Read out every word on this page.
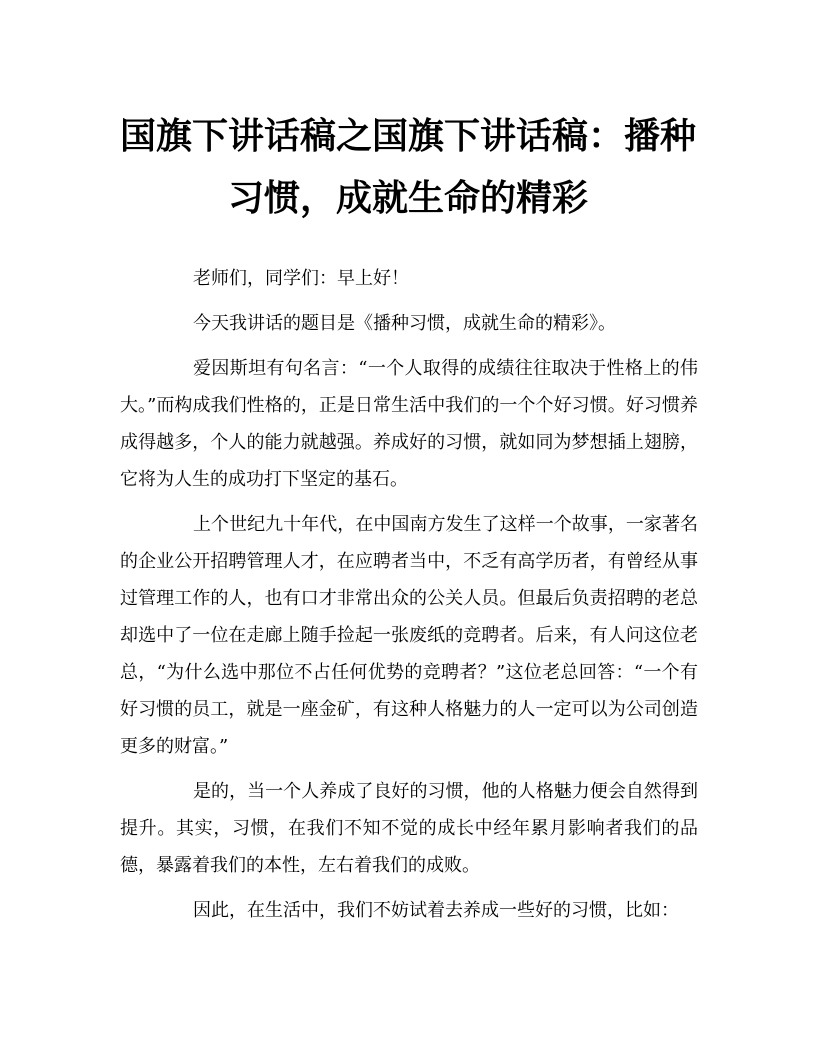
国旗下讲话稿之国旗下讲话稿：播种习惯，成就生命的精彩

老师们，同学们：早上好！

今天我讲话的题目是《播种习惯，成就生命的精彩》。

爱因斯坦有句名言：“一个人取得的成绩往往取决于性格上的伟大。”而构成我们性格的，正是日常生活中我们的一个个好习惯。好习惯养成得越多，个人的能力就越强。养成好的习惯，就如同为梦想插上翅膀，它将为人生的成功打下坚定的基石。

上个世纪九十年代，在中国南方发生了这样一个故事，一家著名的企业公开招聘管理人才，在应聘者当中，不乏有高学历者，有曾经从事过管理工作的人，也有口才非常出众的公关人员。但最后负责招聘的老总却选中了一位在走廊上随手捡起一张废纸的竞聘者。后来，有人问这位老总，“为什么选中那位不占任何优势的竞聘者？”这位老总回答：“一个有好习惯的员工，就是一座金矿，有这种人格魅力的人一定可以为公司创造更多的财富。”

是的，当一个人养成了良好的习惯，他的人格魅力便会自然得到提升。其实，习惯，在我们不知不觉的成长中经年累月影响者我们的品德，暴露着我们的本性，左右着我们的成败。

因此，在生活中，我们不妨试着去养成一些好的习惯，比如：
